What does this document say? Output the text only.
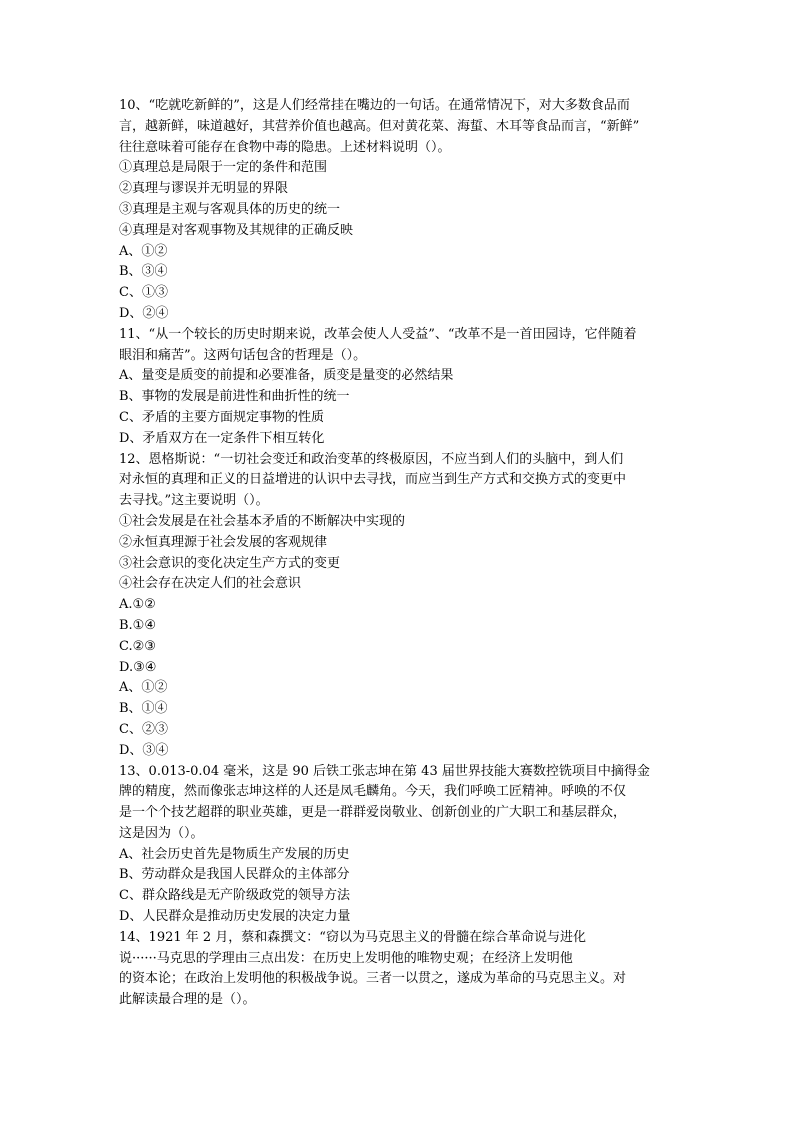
10、“吃就吃新鲜的”，这是人们经常挂在嘴边的一句话。在通常情况下，对大多数食品而
言，越新鲜，味道越好，其营养价值也越高。但对黄花菜、海蜇、木耳等食品而言，“新鲜”
往往意味着可能存在食物中毒的隐患。上述材料说明（）。
①真理总是局限于一定的条件和范围
②真理与谬误并无明显的界限
③真理是主观与客观具体的历史的统一
④真理是对客观事物及其规律的正确反映
A、①②
B、③④
C、①③
D、②④
11、“从一个较长的历史时期来说，改革会使人人受益”、“改革不是一首田园诗，它伴随着
眼泪和痛苦”。这两句话包含的哲理是（）。
A、量变是质变的前提和必要准备，质变是量变的必然结果
B、事物的发展是前进性和曲折性的统一
C、矛盾的主要方面规定事物的性质
D、矛盾双方在一定条件下相互转化
12、恩格斯说：“一切社会变迁和政治变革的终极原因，不应当到人们的头脑中，到人们
对永恒的真理和正义的日益增进的认识中去寻找，而应当到生产方式和交换方式的变更中
去寻找。”这主要说明（）。
①社会发展是在社会基本矛盾的不断解决中实现的
②永恒真理源于社会发展的客观规律
③社会意识的变化决定生产方式的变更
④社会存在决定人们的社会意识
A.①②
B.①④
C.②③
D.③④
A、①②
B、①④
C、②③
D、③④
13、0.013-0.04 毫米，这是 90 后铁工张志坤在第 43 届世界技能大赛数控铣项目中摘得金
牌的精度，然而像张志坤这样的人还是凤毛麟角。今天，我们呼唤工匠精神。呼唤的不仅
是一个个技艺超群的职业英雄，更是一群群爱岗敬业、创新创业的广大职工和基层群众，
这是因为（）。
A、社会历史首先是物质生产发展的历史
B、劳动群众是我国人民群众的主体部分
C、群众路线是无产阶级政党的领导方法
D、人民群众是推动历史发展的决定力量
14、1921 年 2 月，蔡和森撰文：“窃以为马克思主义的骨髓在综合革命说与进化
说······马克思的学理由三点出发：在历史上发明他的唯物史观；在经济上发明他
的资本论；在政治上发明他的积极战争说。三者一以贯之，遂成为革命的马克思主义。对
此解读最合理的是（）。
